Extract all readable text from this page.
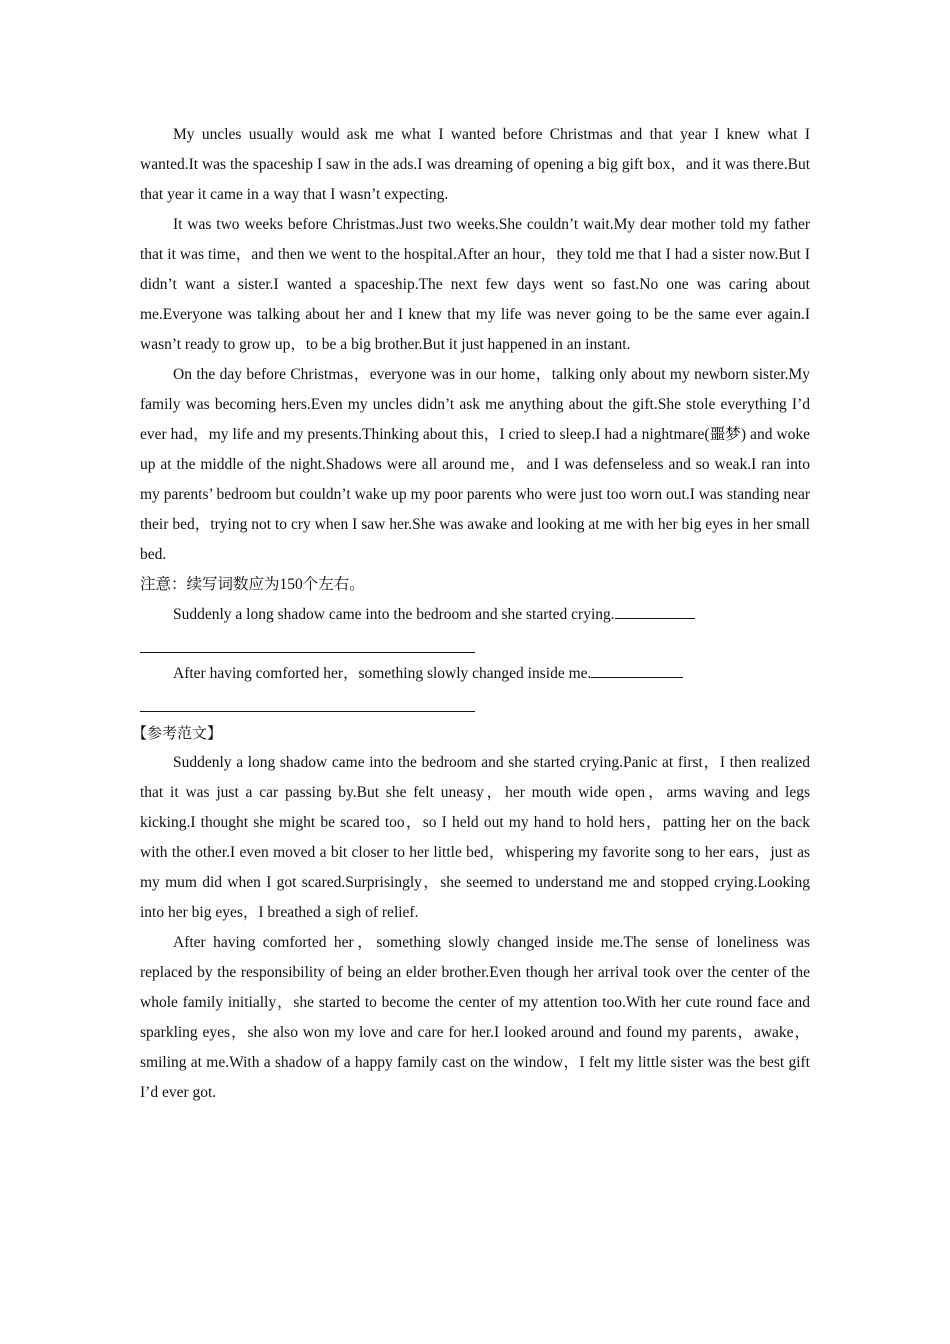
My uncles usually would ask me what I wanted before Christmas and that year I knew what I wanted.It was the spaceship I saw in the ads.I was dreaming of opening a big gift box，and it was there.But that year it came in a way that I wasn’t expecting.

It was two weeks before Christmas.Just two weeks.She couldn’t wait.My dear mother told my father that it was time，and then we went to the hospital.After an hour，they told me that I had a sister now.But I didn’t want a sister.I wanted a spaceship.The next few days went so fast.No one was caring about me.Everyone was talking about her and I knew that my life was never going to be the same ever again.I wasn’t ready to grow up，to be a big brother.But it just happened in an instant.

On the day before Christmas，everyone was in our home，talking only about my newborn sister.My family was becoming hers.Even my uncles didn’t ask me anything about the gift.She stole everything I’d ever had，my life and my presents.Thinking about this，I cried to sleep.I had a nightmare(噩梦) and woke up at the middle of the night.Shadows were all around me，and I was defenseless and so weak.I ran into my parents’ bedroom but couldn’t wake up my poor parents who were just too worn out.I was standing near their bed，trying not to cry when I saw her.She was awake and looking at me with her big eyes in her small bed.

注意：续写词数应为150个左右。

Suddenly a long shadow came into the bedroom and she started crying.

After having comforted her，something slowly changed inside me.

【参考范文】

Suddenly a long shadow came into the bedroom and she started crying.Panic at first，I then realized that it was just a car passing by.But she felt uneasy，her mouth wide open，arms waving and legs kicking.I thought she might be scared too，so I held out my hand to hold hers，patting her on the back with the other.I even moved a bit closer to her little bed，whispering my favorite song to her ears，just as my mum did when I got scared.Surprisingly，she seemed to understand me and stopped crying.Looking into her big eyes，I breathed a sigh of relief.

After having comforted her，something slowly changed inside me.The sense of loneliness was replaced by the responsibility of being an elder brother.Even though her arrival took over the center of the whole family initially，she started to become the center of my attention too.With her cute round face and sparkling eyes，she also won my love and care for her.I looked around and found my parents，awake，smiling at me.With a shadow of a happy family cast on the window，I felt my little sister was the best gift I’d ever got.
